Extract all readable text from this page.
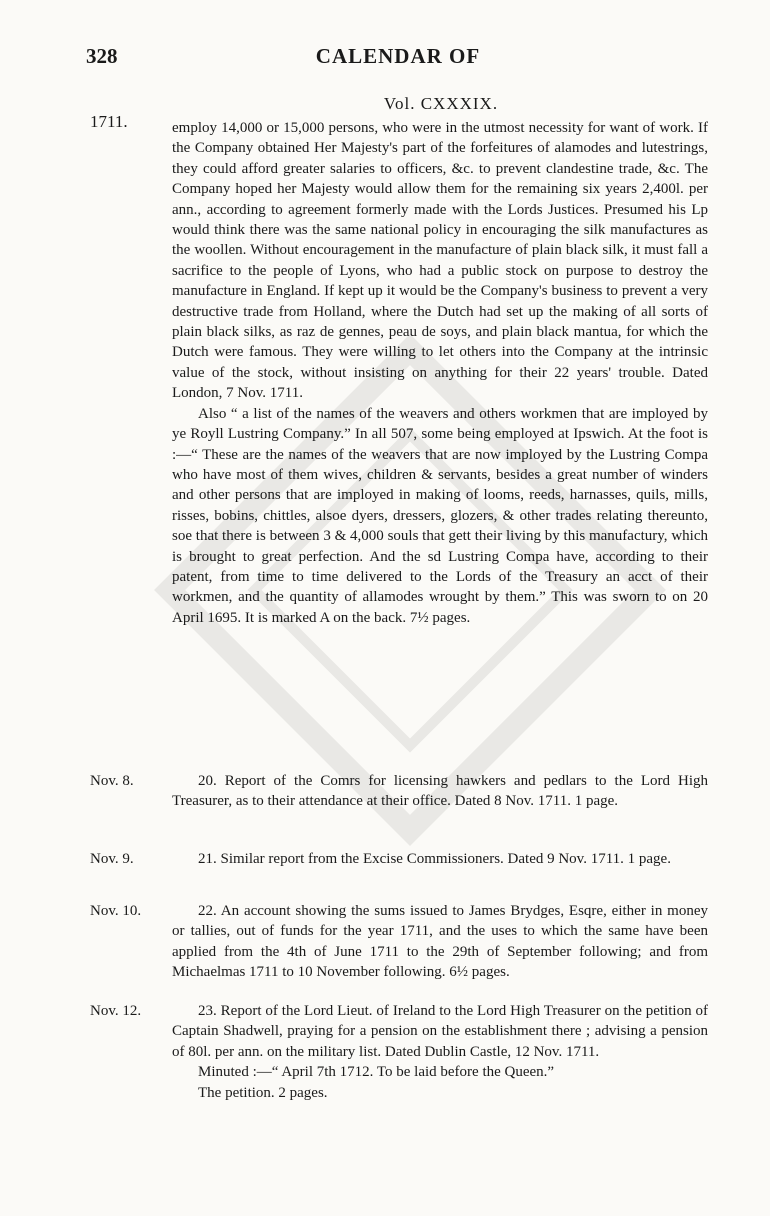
328	CALENDAR OF
Vol. CXXXIX.
1711.	employ 14,000 or 15,000 persons, who were in the utmost necessity for want of work. If the Company obtained Her Majesty's part of the forfeitures of alamodes and lutestrings, they could afford greater salaries to officers, &c. to prevent clandestine trade, &c. The Company hoped her Majesty would allow them for the remaining six years 2,400l. per ann., according to agreement formerly made with the Lords Justices. Presumed his Lp would think there was the same national policy in encouraging the silk manufactures as the woollen. Without encouragement in the manufacture of plain black silk, it must fall a sacrifice to the people of Lyons, who had a public stock on purpose to destroy the manufacture in England. If kept up it would be the Company's business to prevent a very destructive trade from Holland, where the Dutch had set up the making of all sorts of plain black silks, as raz de gennes, peau de soys, and plain black mantua, for which the Dutch were famous. They were willing to let others into the Company at the intrinsic value of the stock, without insisting on anything for their 22 years' trouble. Dated London, 7 Nov. 1711.

Also “ a list of the names of the weavers and others workmen that are imployed by ye Royll Lustring Company.” In all 507, some being employed at Ipswich. At the foot is :—“ These are the names of the weavers that are now imployed by the Lustring Compa who have most of them wives, children & servants, besides a great number of winders and other persons that are imployed in making of looms, reeds, harnasses, quils, mills, risses, bobins, chittles, alsoe dyers, dressers, glozers, & other trades relating thereunto, soe that there is between 3 & 4,000 souls that gett their living by this manufactury, which is brought to great perfection. And the sd Lustring Compa have, according to their patent, from time to time delivered to the Lords of the Treasury an acct of their workmen, and the quantity of allamodes wrought by them.” This was sworn to on 20 April 1695. It is marked A on the back. 7½ pages.

Nov. 8.	20. Report of the Comrs for licensing hawkers and pedlars to the Lord High Treasurer, as to their attendance at their office. Dated 8 Nov. 1711. 1 page.
Nov. 9.	21. Similar report from the Excise Commissioners. Dated 9 Nov. 1711. 1 page.
Nov. 10.	22. An account showing the sums issued to James Brydges, Esqre, either in money or tallies, out of funds for the year 1711, and the uses to which the same have been applied from the 4th of June 1711 to the 29th of September following; and from Michaelmas 1711 to 10 November following. 6½ pages.
Nov. 12.	23. Report of the Lord Lieut. of Ireland to the Lord High Treasurer on the petition of Captain Shadwell, praying for a pension on the establishment there ; advising a pension of 80l. per ann. on the military list. Dated Dublin Castle, 12 Nov. 1711.

Minuted :—“ April 7th 1712. To be laid before the Queen.”

The petition. 2 pages.
